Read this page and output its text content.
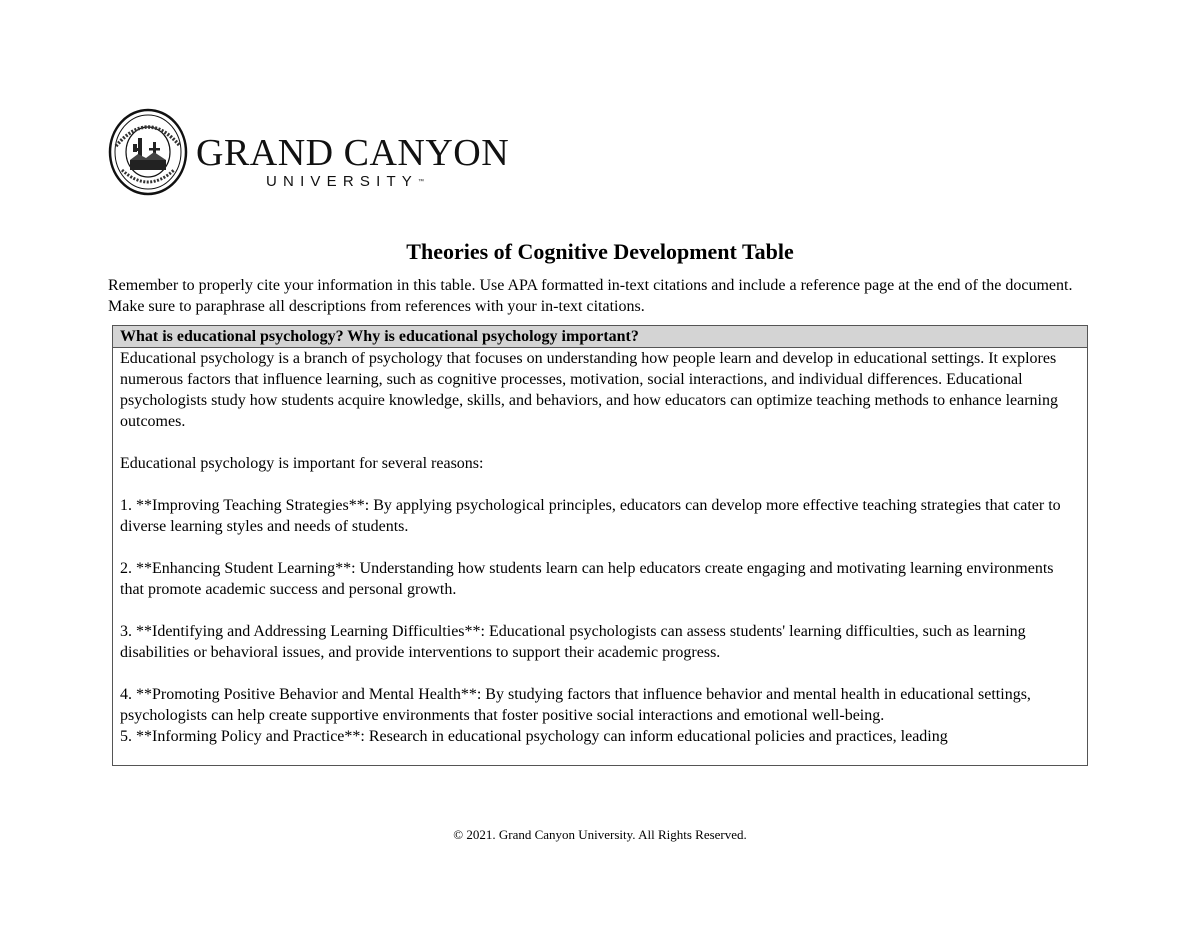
GRAND CANYON
UNIVERSITY™
Theories of Cognitive Development Table

Remember to properly cite your information in this table. Use APA formatted in-text citations and include a reference page at the end of the document. Make sure to paraphrase all descriptions from references with your in-text citations.

What is educational psychology? Why is educational psychology important?

Educational psychology is a branch of psychology that focuses on understanding how people learn and develop in educational settings. It explores numerous factors that influence learning, such as cognitive processes, motivation, social interactions, and individual differences. Educational psychologists study how students acquire knowledge, skills, and behaviors, and how educators can optimize teaching methods to enhance learning outcomes.

Educational psychology is important for several reasons:

1. **Improving Teaching Strategies**: By applying psychological principles, educators can develop more effective teaching strategies that cater to diverse learning styles and needs of students.

2. **Enhancing Student Learning**: Understanding how students learn can help educators create engaging and motivating learning environments that promote academic success and personal growth.

3. **Identifying and Addressing Learning Difficulties**: Educational psychologists can assess students' learning difficulties, such as learning disabilities or behavioral issues, and provide interventions to support their academic progress.

4. **Promoting Positive Behavior and Mental Health**: By studying factors that influence behavior and mental health in educational settings, psychologists can help create supportive environments that foster positive social interactions and emotional well-being.

5. **Informing Policy and Practice**: Research in educational psychology can inform educational policies and practices, leading

© 2021. Grand Canyon University. All Rights Reserved.
